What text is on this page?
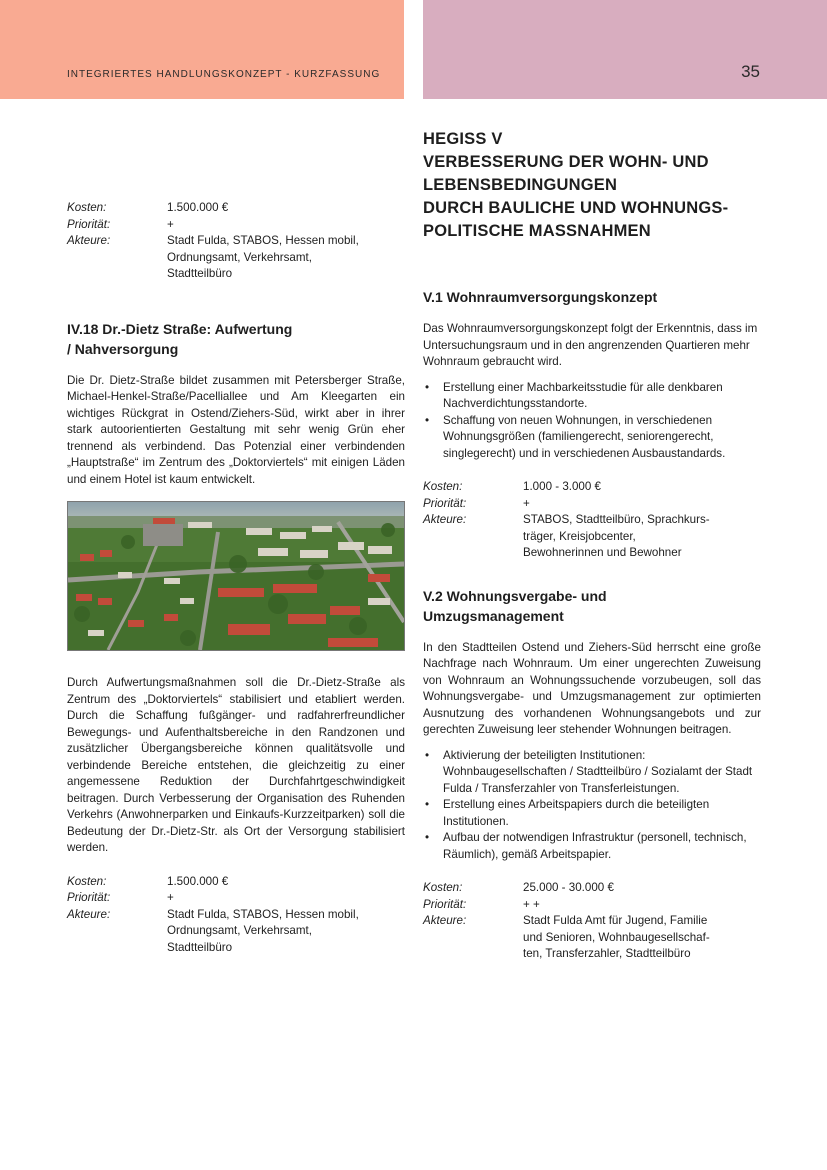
INTEGRIERTES HANDLUNGSKONZEPT - KURZFASSUNG	35
Kosten:	1.500.000 €
Priorität:	+
Akteure:	Stadt Fulda, STABOS, Hessen mobil,
Ordnungsamt, Verkehrsamt,
Stadtteilbüro
IV.18 Dr.-Dietz Straße: Aufwertung
/ Nahversorgung

Die Dr. Dietz-Straße bildet zusammen mit Petersberger Straße, Michael-Henkel-Straße/Pacelliallee und Am Kleegarten ein wichtiges Rückgrat in Ostend/Ziehers-Süd, wirkt aber in ihrer stark autoorientierten Gestaltung mit sehr wenig Grün eher trennend als verbindend. Das Potenzial einer verbindenden „Hauptstraße“ im Zentrum des „Doktorviertels“ mit einigen Läden und einem Hotel ist kaum entwickelt.

Durch Aufwertungsmaßnahmen soll die Dr.-Dietz-Straße als Zentrum des „Doktorviertels“ stabilisiert und etabliert werden. Durch die Schaffung fußgänger- und radfahrerfreundlicher Bewegungs- und Aufenthaltsbereiche in den Randzonen und zusätzlicher Übergangsbereiche können qualitätsvolle und verbindende Bereiche entstehen, die gleichzeitig zu einer angemessene Reduktion der Durchfahrtgeschwindigkeit beitragen. Durch Verbesserung der Organisation des Ruhenden Verkehrs (Anwohnerparken und Einkaufs-Kurzzeitparken) soll die Bedeutung der Dr.-Dietz-Str. als Ort der Versorgung stabilisiert werden.

Kosten:	1.500.000 €
Priorität:	+
Akteure:	Stadt Fulda, STABOS, Hessen mobil,
Ordnungsamt, Verkehrsamt,
Stadtteilbüro
HEGISS V
VERBESSERUNG DER WOHN- UND
LEBENSBEDINGUNGEN
DURCH BAULICHE UND WOHNUNGS-
POLITISCHE MASSNAHMEN
V.1 Wohnraumversorgungskonzept

Das Wohnraumversorgungskonzept folgt der Erkenntnis, dass im Untersuchungsraum und in den angrenzenden Quartieren mehr Wohnraum gebraucht wird.

• Erstellung einer Machbarkeitsstudie für alle denkbaren Nachverdichtungsstandorte.
• Schaffung von neuen Wohnungen, in verschiedenen Wohnungsgrößen (familiengerecht, seniorengerecht, singlegerecht) und in verschiedenen Ausbaustandards.
Kosten:	1.000 - 3.000 €
Priorität:	+
Akteure:	STABOS, Stadtteilbüro, Sprachkurs-
träger, Kreisjobcenter,
Bewohnerinnen und Bewohner
V.2 Wohnungsvergabe- und
Umzugsmanagement

In den Stadtteilen Ostend und Ziehers-Süd herrscht eine große Nachfrage nach Wohnraum. Um einer ungerechten Zuweisung von Wohnraum an Wohnungssuchende vorzubeugen, soll das Wohnungsvergabe- und Umzugsmanagement zur optimierten Ausnutzung des vorhandenen Wohnungsangebots und zur gerechten Zuweisung leer stehender Wohnungen beitragen.

• Aktivierung der beteiligten Institutionen: Wohnbaugesellschaften / Stadtteilbüro / Sozialamt der Stadt Fulda / Transferzahler von Transferleistungen.
• Erstellung eines Arbeitspapiers durch die beteiligten Institutionen.
• Aufbau der notwendigen Infrastruktur (personell, technisch, Räumlich), gemäß Arbeitspapier.
Kosten:	25.000 - 30.000 €
Priorität:	+ +
Akteure:	Stadt Fulda Amt für Jugend, Familie
und Senioren, Wohnbaugesellschaf-
ten, Transferzahler, Stadtteilbüro
